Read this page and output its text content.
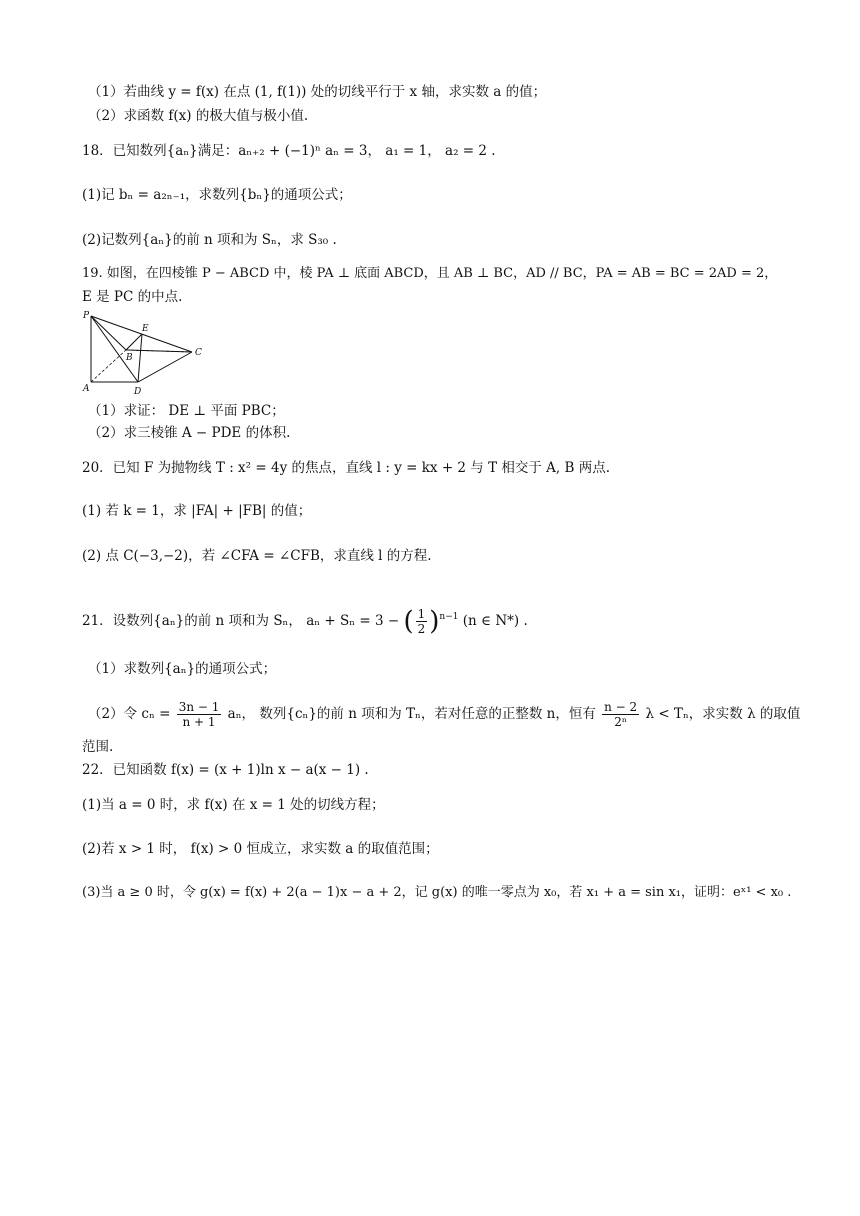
（1）若曲线 y = f(x) 在点 (1, f(1)) 处的切线平行于 x 轴，求实数 a 的值；
（2）求函数 f(x) 的极大值与极小值.
18．已知数列{aₙ}满足：aₙ₊₂ + (−1)ⁿ aₙ = 3， a₁ = 1， a₂ = 2 .
(1)记 bₙ = a₂ₙ₋₁，求数列{bₙ}的通项公式；
(2)记数列{aₙ}的前 n 项和为 Sₙ，求 S₃₀ .
19. 如图，在四棱锥 P − ABCD 中，棱 PA ⊥ 底面 ABCD，且 AB ⊥ BC，AD // BC，PA = AB = BC = 2AD = 2，
E 是 PC 的中点.
P
E
B	C
A	D
（1）求证： DE ⊥ 平面 PBC；
（2）求三棱锥 A − PDE 的体积.
20．已知 F 为抛物线 T : x² = 4y 的焦点，直线 l : y = kx + 2 与 T 相交于 A, B 两点.
(1) 若 k = 1，求 |FA| + |FB| 的值；
(2) 点 C(−3,−2)，若 ∠CFA = ∠CFB，求直线 l 的方程.
21．设数列{aₙ}的前 n 项和为 Sₙ， aₙ + Sₙ = 3 − ( $\frac{1}{2} )^{n-1}$ (n ∈ N*) .
（1）求数列{aₙ}的通项公式；
（2）令 $c_n = \frac{3n - 1}{n + 1}$ aₙ， 数列{cₙ}的前 n 项和为 Tₙ，若对任意的正整数 n，恒有 $\frac{n - 2}{\text{2ⁿ}}$ λ < Tₙ，求实数 λ 的取值
范围.
22．已知函数 f(x) = (x + 1)ln x − a(x − 1) .
(1)当 a = 0 时，求 f(x) 在 x = 1 处的切线方程；
(2)若 x > 1 时， f(x) > 0 恒成立，求实数 a 的取值范围；
(3)当 a ≥ 0 时，令 g(x) = f(x) + 2(a − 1)x − a + 2，记 g(x) 的唯一零点为 x₀，若 x₁ + a = sin x₁，证明：eˣ¹ < x₀ .
